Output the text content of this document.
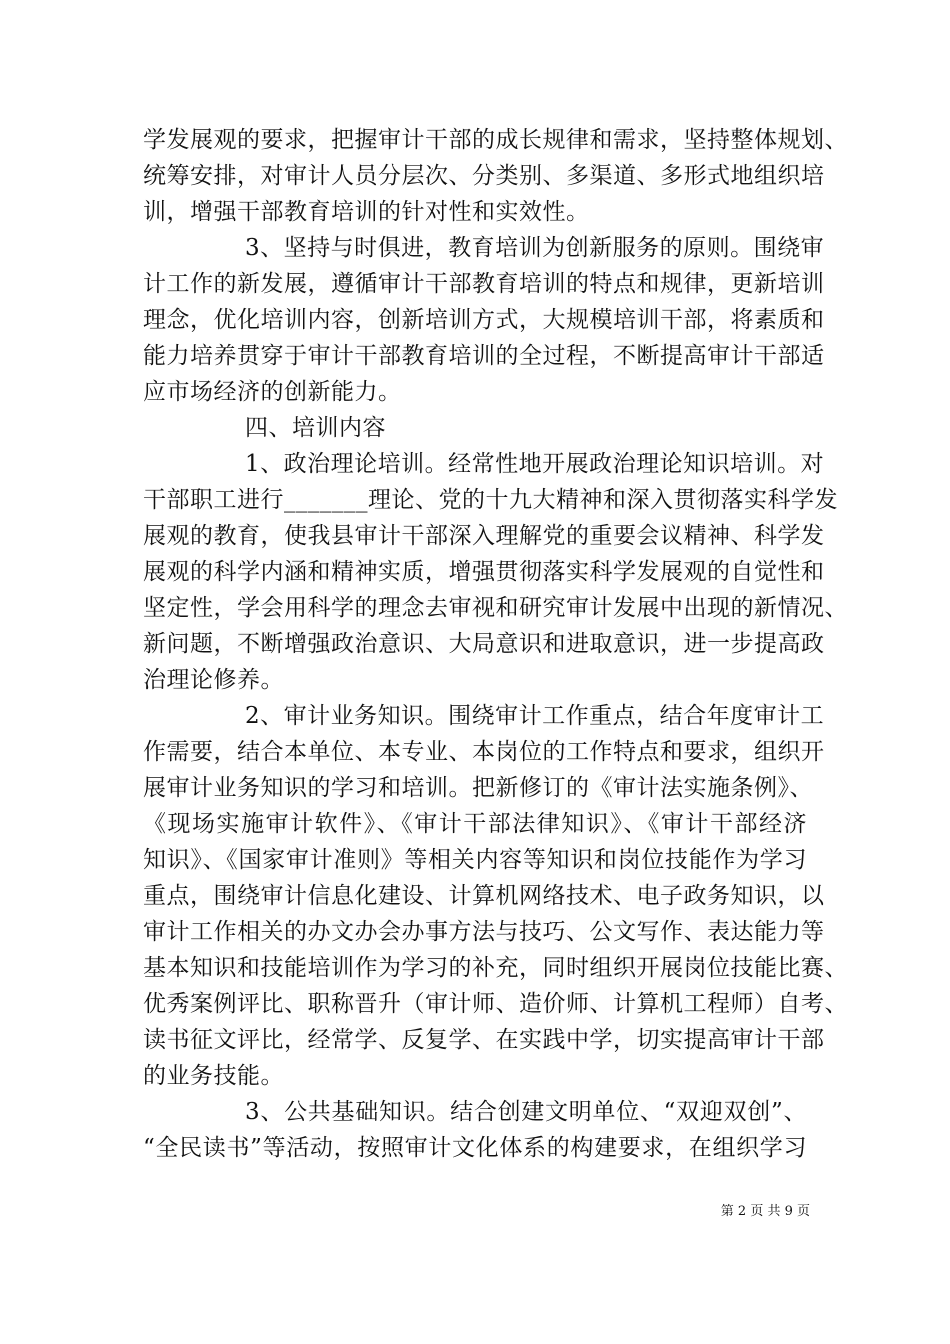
学发展观的要求，把握审计干部的成长规律和需求，坚持整体规划、
统筹安排，对审计人员分层次、分类别、多渠道、多形式地组织培
训，增强干部教育培训的针对性和实效性。
3、坚持与时俱进，教育培训为创新服务的原则。围绕审
计工作的新发展，遵循审计干部教育培训的特点和规律，更新培训
理念，优化培训内容，创新培训方式，大规模培训干部，将素质和
能力培养贯穿于审计干部教育培训的全过程，不断提高审计干部适
应市场经济的创新能力。
四、培训内容
1、政治理论培训。经常性地开展政治理论知识培训。对
干部职工进行_______理论、党的十九大精神和深入贯彻落实科学发
展观的教育，使我县审计干部深入理解党的重要会议精神、科学发
展观的科学内涵和精神实质，增强贯彻落实科学发展观的自觉性和
坚定性，学会用科学的理念去审视和研究审计发展中出现的新情况、
新问题，不断增强政治意识、大局意识和进取意识，进一步提高政
治理论修养。
2、审计业务知识。围绕审计工作重点，结合年度审计工
作需要，结合本单位、本专业、本岗位的工作特点和要求，组织开
展审计业务知识的学习和培训。把新修订的《审计法实施条例》、
《现场实施审计软件》、《审计干部法律知识》、《审计干部经济
知识》、《国家审计准则》等相关内容等知识和岗位技能作为学习
重点，围绕审计信息化建设、计算机网络技术、电子政务知识，以
审计工作相关的办文办会办事方法与技巧、公文写作、表达能力等
基本知识和技能培训作为学习的补充，同时组织开展岗位技能比赛、
优秀案例评比、职称晋升（审计师、造价师、计算机工程师）自考、
读书征文评比，经常学、反复学、在实践中学，切实提高审计干部
的业务技能。
3、公共基础知识。结合创建文明单位、“双迎双创”、
“全民读书”等活动，按照审计文化体系的构建要求，在组织学习
第 2 页 共 9 页
